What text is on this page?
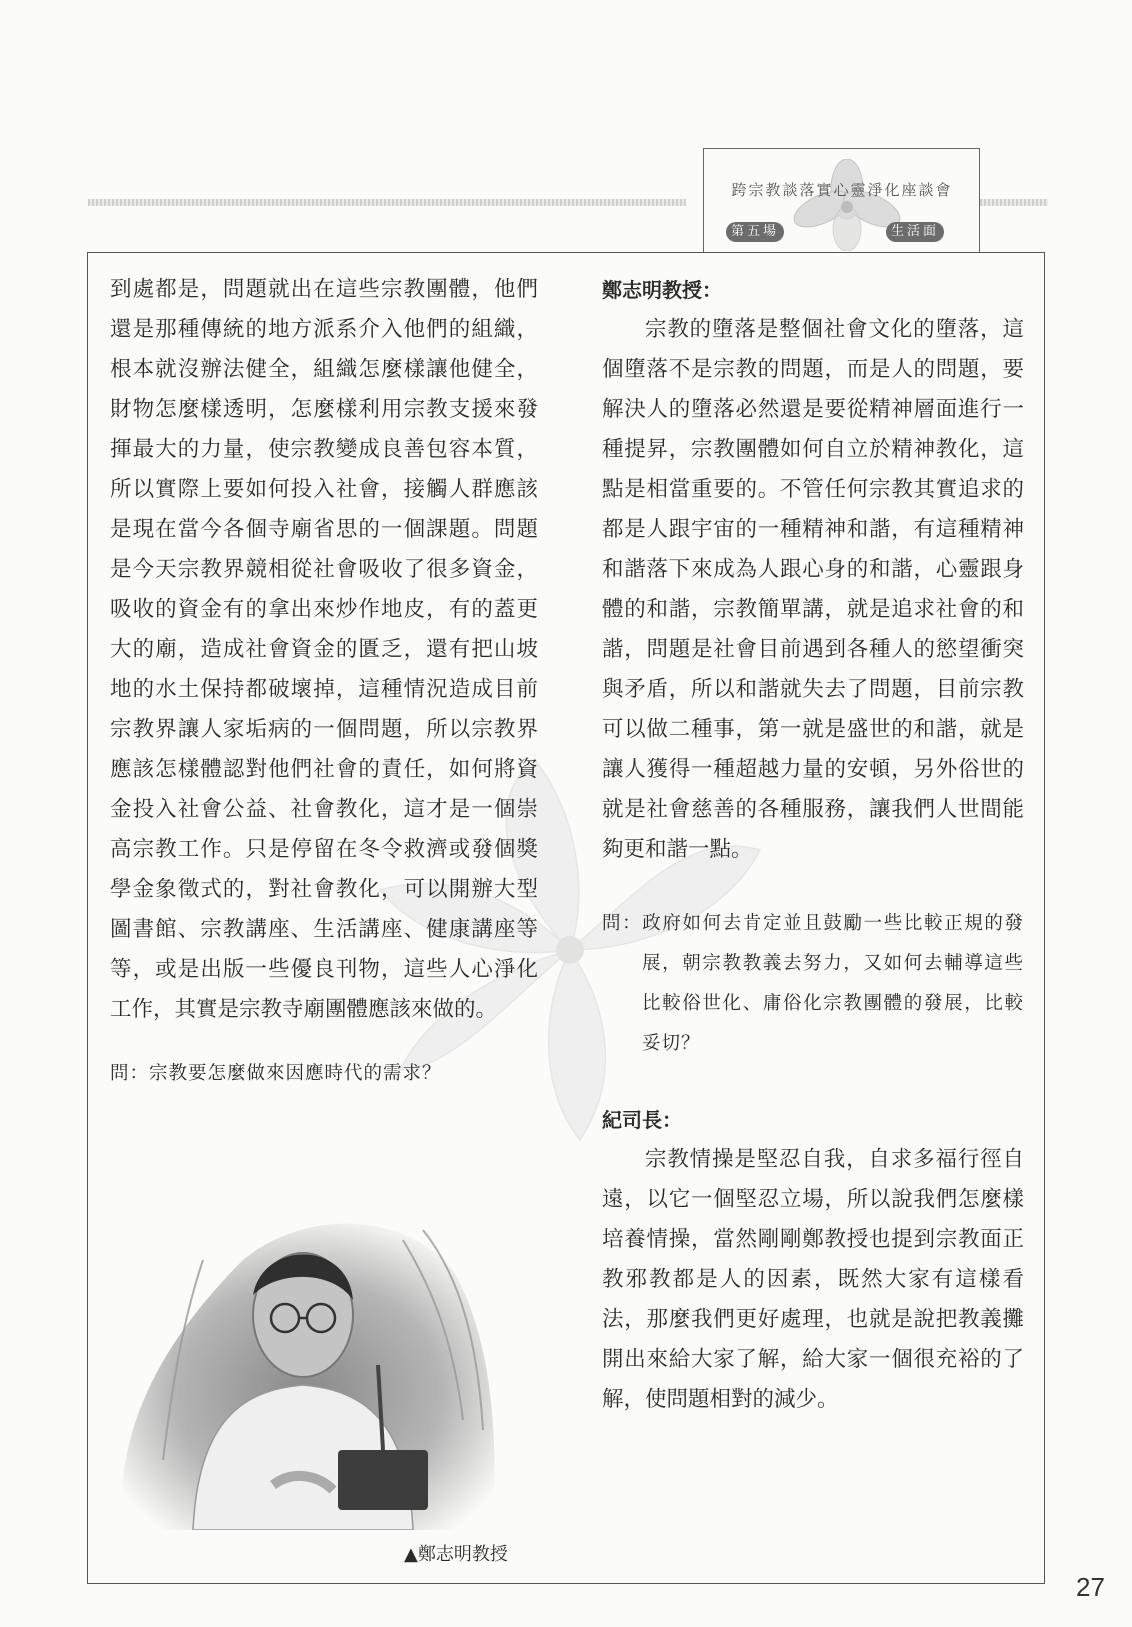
跨宗教談落實心靈淨化座談會
第五場	生活面

到處都是，問題就出在這些宗教團體，他們還是那種傳統的地方派系介入他們的組織，根本就沒辦法健全，組織怎麼樣讓他健全，財物怎麼樣透明，怎麼樣利用宗教支援來發揮最大的力量，使宗教變成良善包容本質，所以實際上要如何投入社會，接觸人群應該是現在當今各個寺廟省思的一個課題。問題是今天宗教界競相從社會吸收了很多資金，吸收的資金有的拿出來炒作地皮，有的蓋更大的廟，造成社會資金的匱乏，還有把山坡地的水土保持都破壞掉，這種情況造成目前宗教界讓人家垢病的一個問題，所以宗教界應該怎樣體認對他們社會的責任，如何將資金投入社會公益、社會教化，這才是一個崇高宗教工作。只是停留在冬令救濟或發個獎學金象徵式的，對社會教化，可以開辦大型圖書館、宗教講座、生活講座、健康講座等等，或是出版一些優良刊物，這些人心淨化工作，其實是宗教寺廟團體應該來做的。

問：宗教要怎麼做來因應時代的需求？

鄭志明教授：

宗教的墮落是整個社會文化的墮落，這個墮落不是宗教的問題，而是人的問題，要解決人的墮落必然還是要從精神層面進行一種提昇，宗教團體如何自立於精神教化，這點是相當重要的。不管任何宗教其實追求的都是人跟宇宙的一種精神和諧，有這種精神和諧落下來成為人跟心身的和諧，心靈跟身體的和諧，宗教簡單講，就是追求社會的和諧，問題是社會目前遇到各種人的慾望衝突與矛盾，所以和諧就失去了問題，目前宗教可以做二種事，第一就是盛世的和諧，就是讓人獲得一種超越力量的安頓，另外俗世的就是社會慈善的各種服務，讓我們人世間能夠更和諧一點。

問：政府如何去肯定並且鼓勵一些比較正規的發展，朝宗教教義去努力，又如何去輔導這些比較俗世化、庸俗化宗教團體的發展，比較妥切？

紀司長：

宗教情操是堅忍自我，自求多福行徑自遠，以它一個堅忍立場，所以說我們怎麼樣培養情操，當然剛剛鄭教授也提到宗教面正教邪教都是人的因素，既然大家有這樣看法，那麼我們更好處理，也就是說把教義攤開出來給大家了解，給大家一個很充裕的了解，使問題相對的減少。

▲鄭志明教授
27
